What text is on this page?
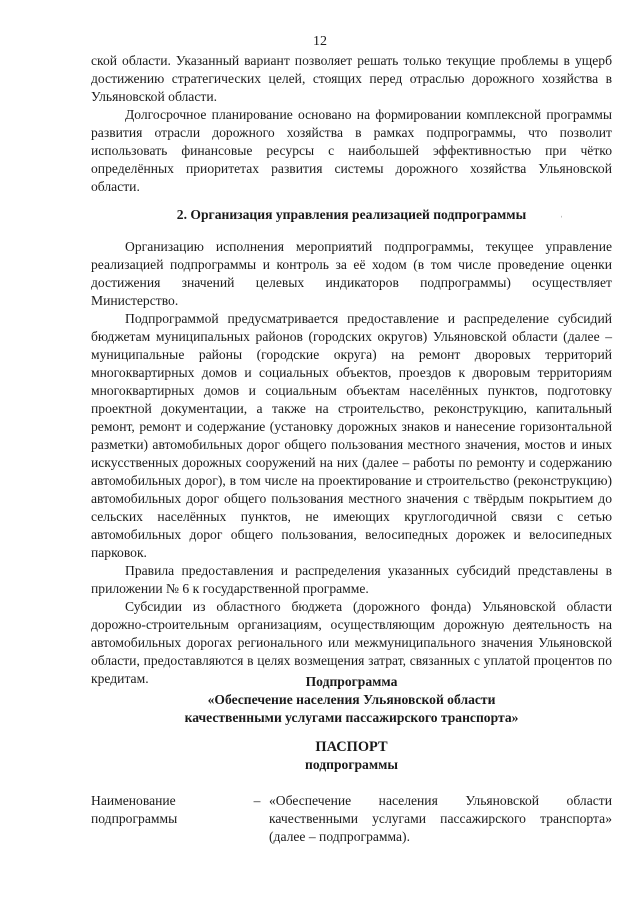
12

ской области. Указанный вариант позволяет решать только текущие проблемы в ущерб достижению стратегических целей, стоящих перед отраслью дорожного хозяйства в Ульяновской области.

Долгосрочное планирование основано на формировании комплексной программы развития отрасли дорожного хозяйства в рамках подпрограммы, что позволит использовать финансовые ресурсы с наибольшей эффективностью при чётко определённых приоритетах развития системы дорожного хозяйства Ульяновской области.

2. Организация управления реализацией подпрограммы

Организацию исполнения мероприятий подпрограммы, текущее управление реализацией подпрограммы и контроль за её ходом (в том числе проведение оценки достижения значений целевых индикаторов подпрограммы) осуществляет Министерство.

Подпрограммой предусматривается предоставление и распределение субсидий бюджетам муниципальных районов (городских округов) Ульяновской области (далее – муниципальные районы (городские округа) на ремонт дворовых территорий многоквартирных домов и социальных объектов, проездов к дворовым территориям многоквартирных домов и социальным объектам населённых пунктов, подготовку проектной документации, а также на строительство, реконструкцию, капитальный ремонт, ремонт и содержание (установку дорожных знаков и нанесение горизонтальной разметки) автомобильных дорог общего пользования местного значения, мостов и иных искусственных дорожных сооружений на них (далее – работы по ремонту и содержанию автомобильных дорог), в том числе на проектирование и строительство (реконструкцию) автомобильных дорог общего пользования местного значения с твёрдым покрытием до сельских населённых пунктов, не имеющих круглогодичной связи с сетью автомобильных дорог общего пользования, велосипедных дорожек и велосипедных парковок.

Правила предоставления и распределения указанных субсидий представлены в приложении № 6 к государственной программе.

Субсидии из областного бюджета (дорожного фонда) Ульяновской области дорожно-строительным организациям, осуществляющим дорожную деятельность на автомобильных дорогах регионального или межмуниципального значения Ульяновской области, предоставляются в целях возмещения затрат, связанных с уплатой процентов по кредитам.	Подпрограмма
«Обеспечение населения Ульяновской области
качественными услугами пассажирского транспорта»
ПАСПОРТ
подпрограммы
Наименование подпрограммы
– «Обеспечение населения Ульяновской области качественными услугами пассажирского транспорта» (далее – подпрограмма).
ˈ
